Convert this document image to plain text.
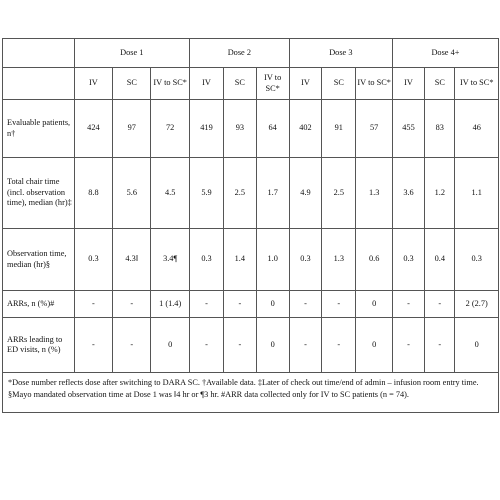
	Dose 1			Dose 2			Dose 3			Dose 4+		
	IV	SC	IV to SC*	IV	SC	IV to SC*	IV	SC	IV to SC*	IV	SC	IV to SC*
Evaluable patients, n†	424	97	72	419	93	64	402	91	57	455	83	46
Total chair time (incl. observation time), median (hr)‡	8.8	5.6	4.5	5.9	2.5	1.7	4.9	2.5	1.3	3.6	1.2	1.1
Observation time, median (hr)§	0.3	4.3‖	3.4¶	0.3	1.4	1.0	0.3	1.3	0.6	0.3	0.4	0.3
ARRs, n (%)#	-	-	1 (1.4)	-	-	0	-	-	0	-	-	2 (2.7)
ARRs leading to ED visits, n (%)	-	-	0	-	-	0	-	-	0	-	-	0
*Dose number reflects dose after switching to DARA SC. †Available data. ‡Later of check out time/end of admin – infusion room entry time. §Mayo mandated observation time at Dose 1 was ‖4 hr or ¶3 hr. #ARR data collected only for IV to SC patients (n = 74).
